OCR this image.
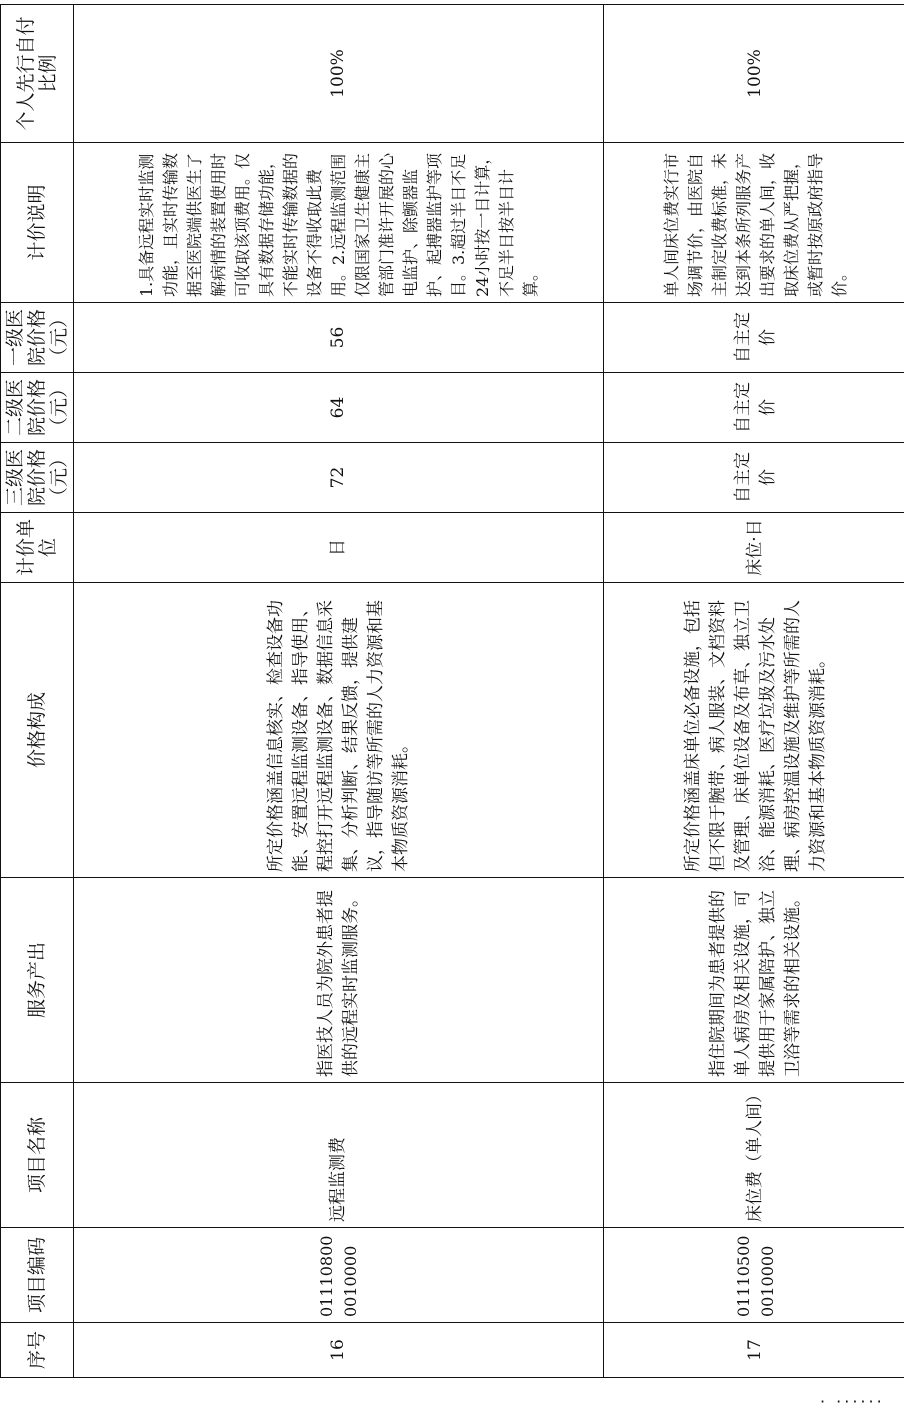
序号	项目编码	项目名称	服务产出	价格构成	计价单位	三级医院价格（元）	二级医院价格（元）	一级医院价格（元）	计价说明	个人先行自付比例
16	011108000010000	远程监测费	指医技人员为院外患者提供的远程实时监测服务。	所定价格涵盖信息核实、检查设备功能、安置远程监测设备、指导使用、程控打开远程监测设备、数据信息采集、分析判断、结果反馈，提供建议，指导随访等所需的人力资源和基本物质资源消耗。	日	72	64	56	1.具备远程实时监测功能，且实时传输数据至医院端供医生了解病情的装置使用时可收取该项费用。仅具有数据存储功能，不能实时传输数据的设备不得收取此费用。2.远程监测范围仅限国家卫生健康主管部门准许开展的心电监护、除颤器监护、起搏器监护等项目。3.超过半日不足24小时按一日计算，不足半日按半日计算。	100%
17	011105000010000	床位费（单人间）	指住院期间为患者提供的单人病房及相关设施，可提供用于家属陪护、独立卫浴等需求的相关设施。	所定价格涵盖床单位必备设施，包括但不限于腕带、病人服装、文档资料及管理、床单位设备及布草、独立卫浴、能源消耗、医疗垃圾及污水处理、病房控温设施及维护等所需的人力资源和基本物质资源消耗。	床位·日	自主定价	自主定价	自主定价	单人间床位费实行市场调节价，由医院自主制定收费标准，未达到本条所列服务产出要求的单人间，收取床位费从严把握，或暂时按原政府指导价。	100%
· ······
